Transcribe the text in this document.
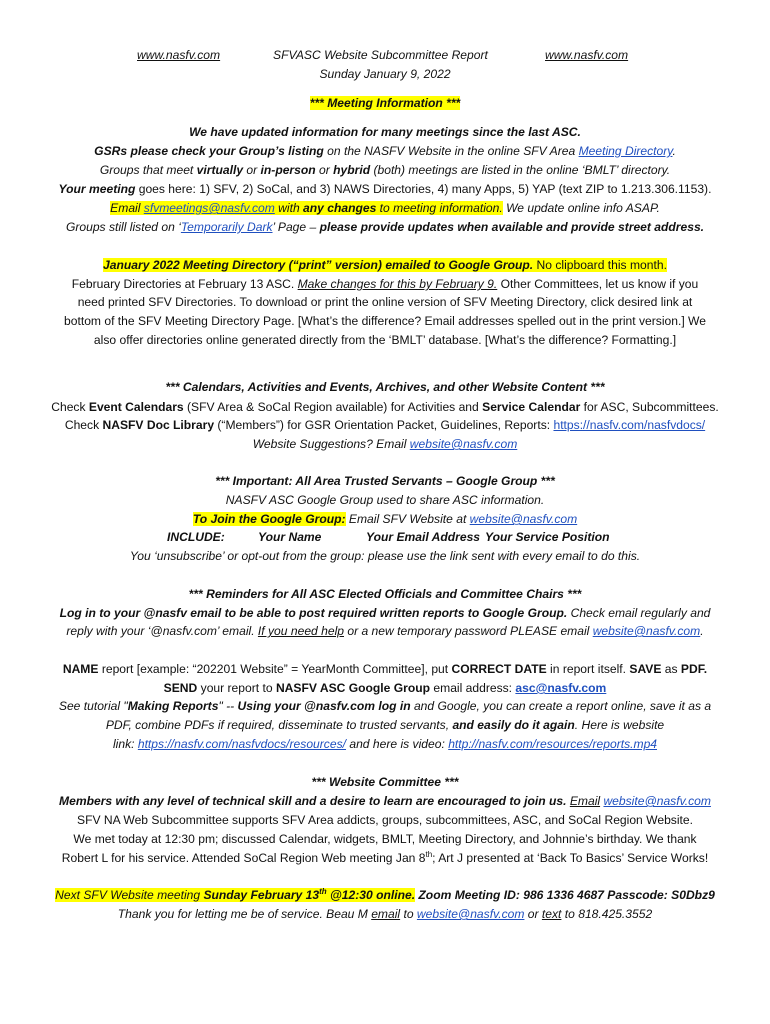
www.nasfv.com	SFVASC Website Subcommittee Report	www.nasfv.com
Sunday January 9, 2022
*** Meeting Information ***
We have updated information for many meetings since the last ASC.
GSRs please check your Group’s listing on the NASFV Website in the online SFV Area Meeting Directory.
Groups that meet virtually or in-person or hybrid (both) meetings are listed in the online ‘BMLT’ directory.
Your meeting goes here: 1) SFV, 2) SoCal, and 3) NAWS Directories, 4) many Apps, 5) YAP (text ZIP to 1.213.306.1153).
Email sfvmeetings@nasfv.com with any changes to meeting information. We update online info ASAP.
Groups still listed on ‘Temporarily Dark’ Page – please provide updates when available and provide street address.
January 2022 Meeting Directory (“print” version) emailed to Google Group. No clipboard this month.
February Directories at February 13 ASC. Make changes for this by February 9. Other Committees, let us know if you
need printed SFV Directories. To download or print the online version of SFV Meeting Directory, click desired link at
bottom of the SFV Meeting Directory Page. [What’s the difference? Email addresses spelled out in the print version.] We
also offer directories online generated directly from the ‘BMLT’ database. [What’s the difference? Formatting.]
*** Calendars, Activities and Events, Archives, and other Website Content ***
Check Event Calendars (SFV Area & SoCal Region available) for Activities and Service Calendar for ASC, Subcommittees.
Check NASFV Doc Library (“Members”) for GSR Orientation Packet, Guidelines, Reports: https://nasfv.com/nasfvdocs/
Website Suggestions? Email website@nasfv.com
*** Important: All Area Trusted Servants – Google Group ***
NASFV ASC Google Group used to share ASC information.
To Join the Google Group: Email SFV Website at website@nasfv.com
INCLUDE:	Your Name	Your Email Address Your Service Position
You ‘unsubscribe’ or opt-out from the group: please use the link sent with every email to do this.
*** Reminders for All ASC Elected Officials and Committee Chairs ***
Log in to your @nasfv email to be able to post required written reports to Google Group. Check email regularly and
reply with your ‘@nasfv.com’ email. If you need help or a new temporary password PLEASE email website@nasfv.com.
NAME report [example: “202201 Website” = YearMonth Committee], put CORRECT DATE in report itself. SAVE as PDF.
SEND your report to NASFV ASC Google Group email address: asc@nasfv.com
See tutorial "Making Reports" -- Using your @nasfv.com log in and Google, you can create a report online, save it as a
PDF, combine PDFs if required, disseminate to trusted servants, and easily do it again. Here is website
link: https://nasfv.com/nasfvdocs/resources/ and here is video: http://nasfv.com/resources/reports.mp4
*** Website Committee ***
Members with any level of technical skill and a desire to learn are encouraged to join us. Email website@nasfv.com
SFV NA Web Subcommittee supports SFV Area addicts, groups, subcommittees, ASC, and SoCal Region Website.
We met today at 12:30 pm; discussed Calendar, widgets, BMLT, Meeting Directory, and Johnnie’s birthday. We thank
Robert L for his service. Attended SoCal Region Web meeting Jan 8th; Art J presented at ‘Back To Basics’ Service Works!
Next SFV Website meeting Sunday February 13th @12:30 online. Zoom Meeting ID: 986 1336 4687 Passcode: S0Dbz9
Thank you for letting me be of service. Beau M email to website@nasfv.com or text to 818.425.3552
